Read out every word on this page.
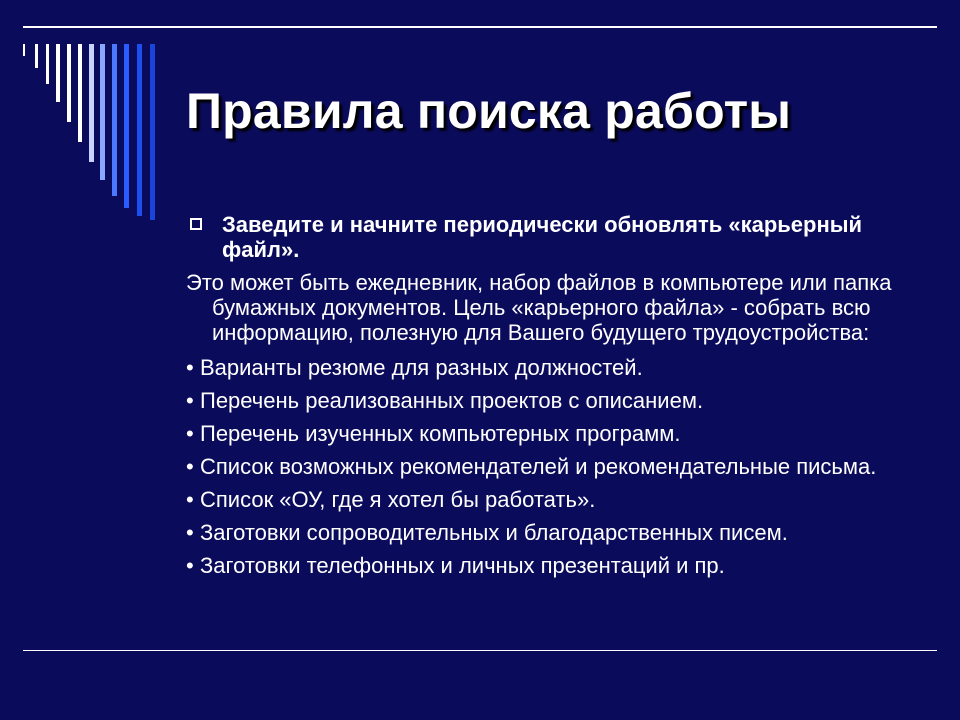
Правила поиска работы
Заведите и начните периодически обновлять «карьерный файл».
Это может быть ежедневник, набор файлов в компьютере или папка бумажных документов. Цель «карьерного файла» - собрать всю информацию, полезную для Вашего будущего трудоустройства:
• Варианты резюме для разных должностей.
• Перечень реализованных проектов с описанием.
• Перечень изученных компьютерных программ.
• Список возможных рекомендателей и рекомендательные письма.
• Список «ОУ, где я хотел бы работать».
• Заготовки сопроводительных и благодарственных писем.
• Заготовки телефонных и личных презентаций и пр.
